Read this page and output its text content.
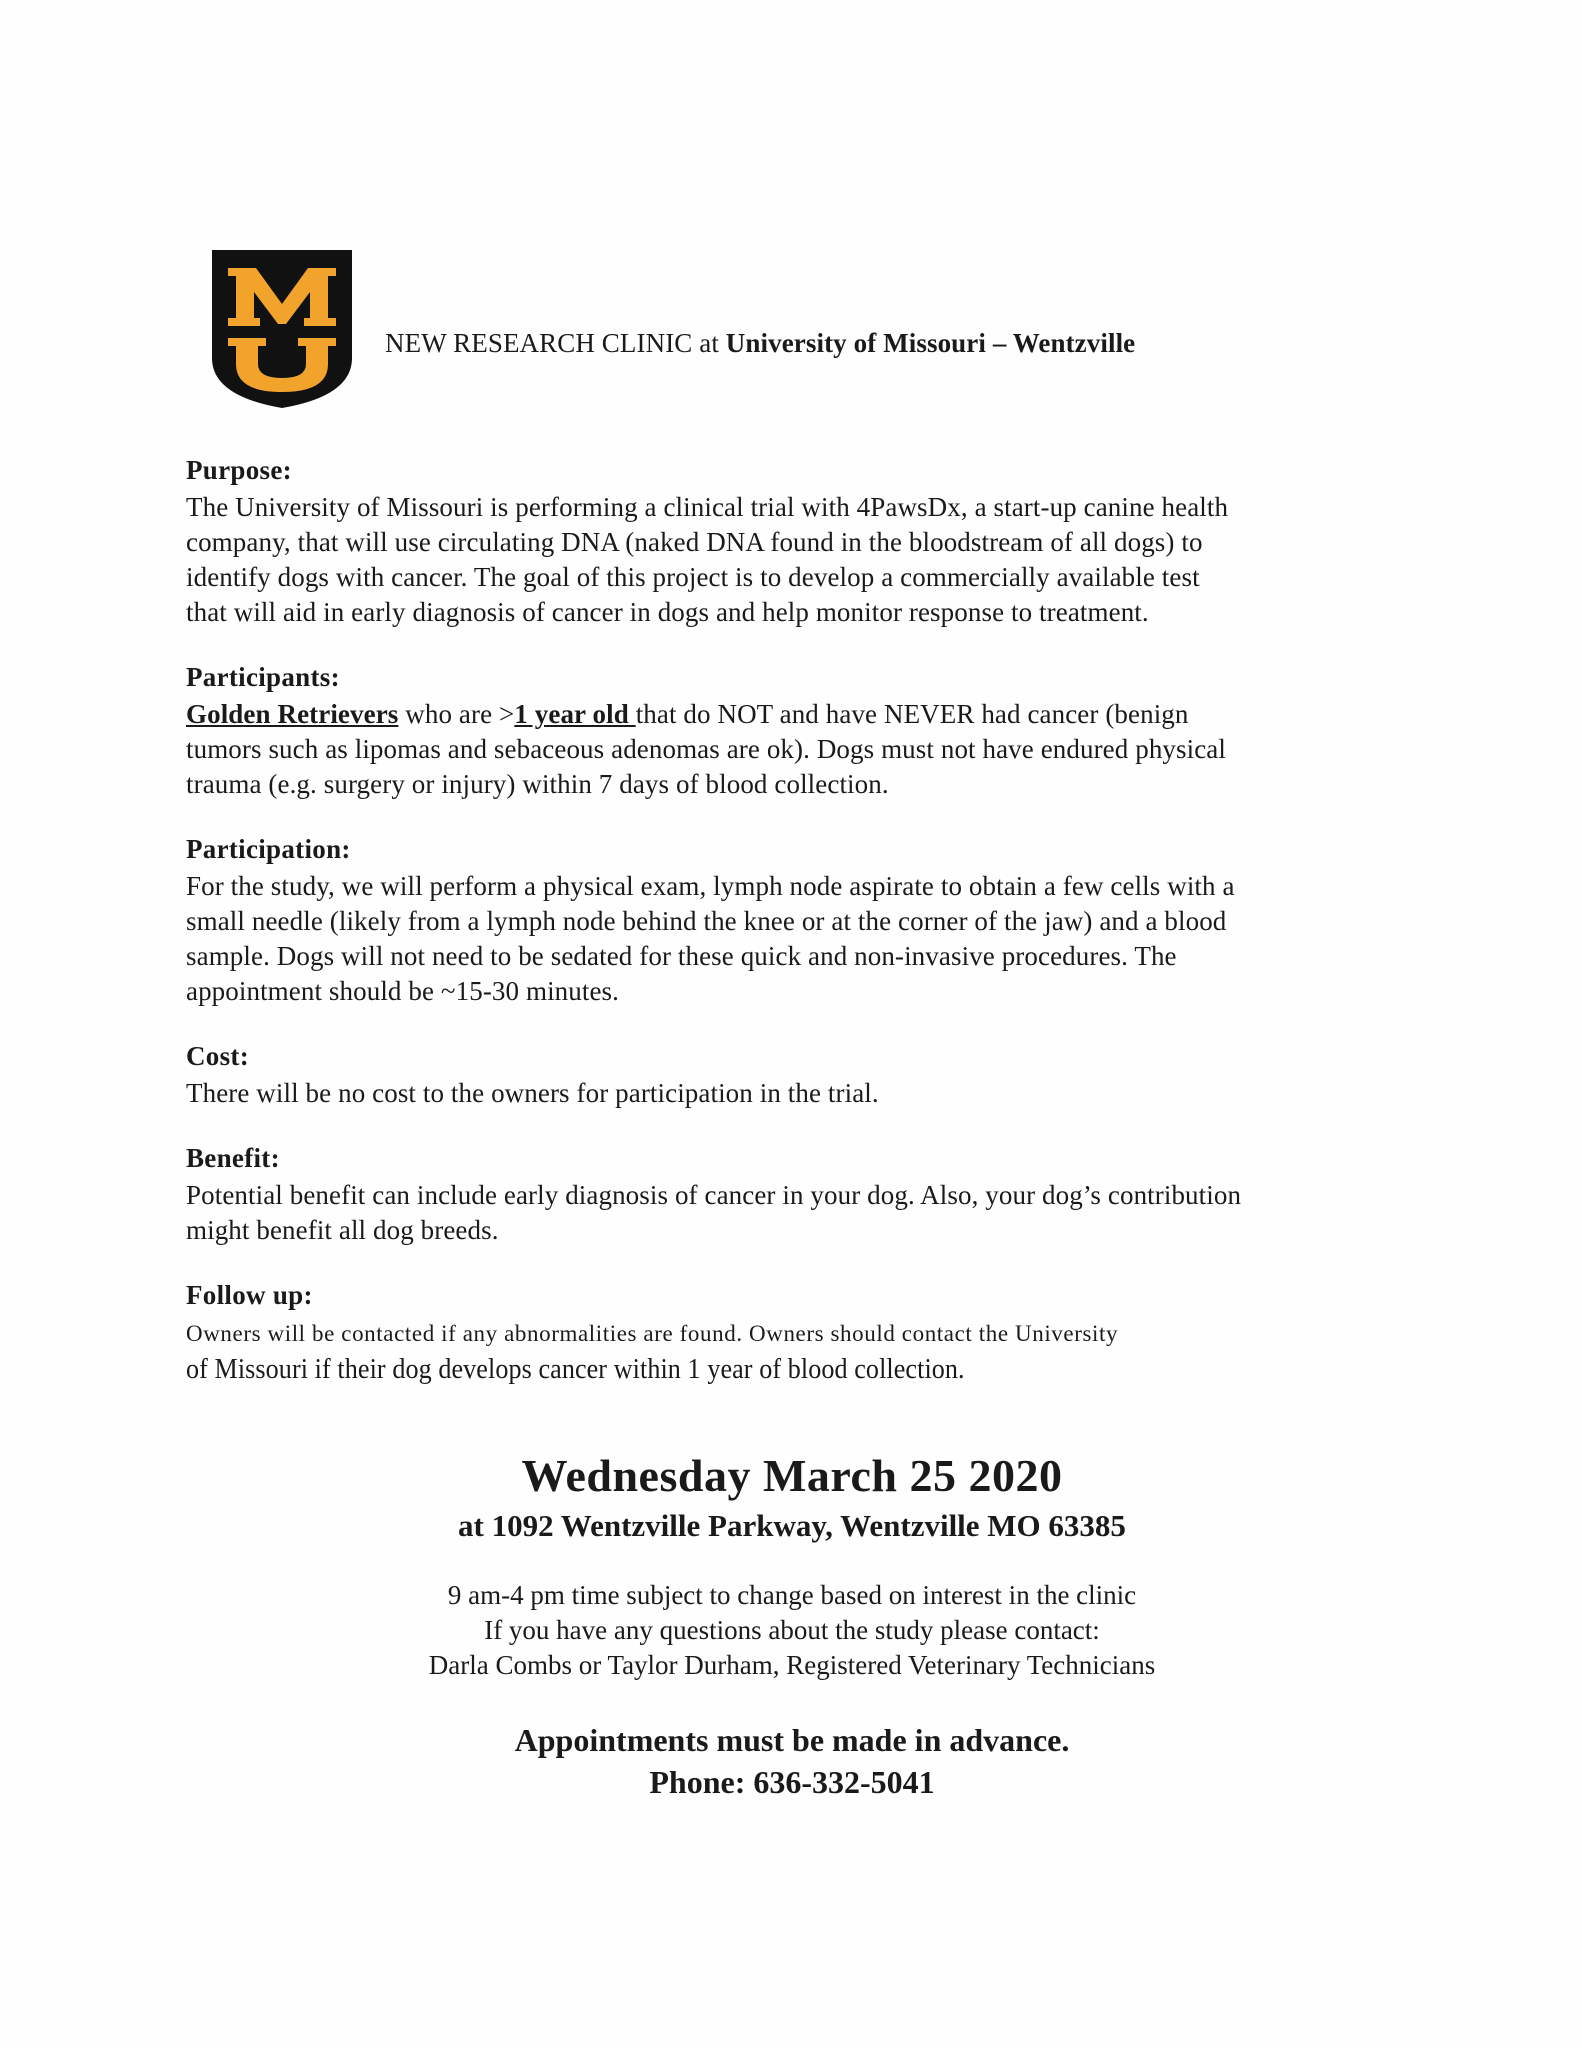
NEW RESEARCH CLINIC at University of Missouri – Wentzville
Purpose:

The University of Missouri is performing a clinical trial with 4PawsDx, a start-up canine health
company, that will use circulating DNA (naked DNA found in the bloodstream of all dogs) to
identify dogs with cancer. The goal of this project is to develop a commercially available test
that will aid in early diagnosis of cancer in dogs and help monitor response to treatment.

Participants:

Golden Retrievers who are >1 year old that do NOT and have NEVER had cancer (benign
tumors such as lipomas and sebaceous adenomas are ok). Dogs must not have endured physical
trauma (e.g. surgery or injury) within 7 days of blood collection.

Participation:

For the study, we will perform a physical exam, lymph node aspirate to obtain a few cells with a
small needle (likely from a lymph node behind the knee or at the corner of the jaw) and a blood
sample. Dogs will not need to be sedated for these quick and non-invasive procedures. The
appointment should be ~15-30 minutes.

Cost:

There will be no cost to the owners for participation in the trial.

Benefit:

Potential benefit can include early diagnosis of cancer in your dog. Also, your dog’s contribution
might benefit all dog breeds.

Follow up:

Owners will be contacted if any abnormalities are found. Owners should contact the University
of Missouri if their dog develops cancer within 1 year of blood collection.

Wednesday March 25 2020
at 1092 Wentzville Parkway, Wentzville MO 63385
9 am-4 pm time subject to change based on interest in the clinic
If you have any questions about the study please contact:
Darla Combs or Taylor Durham, Registered Veterinary Technicians
Appointments must be made in advance.
Phone: 636-332-5041
